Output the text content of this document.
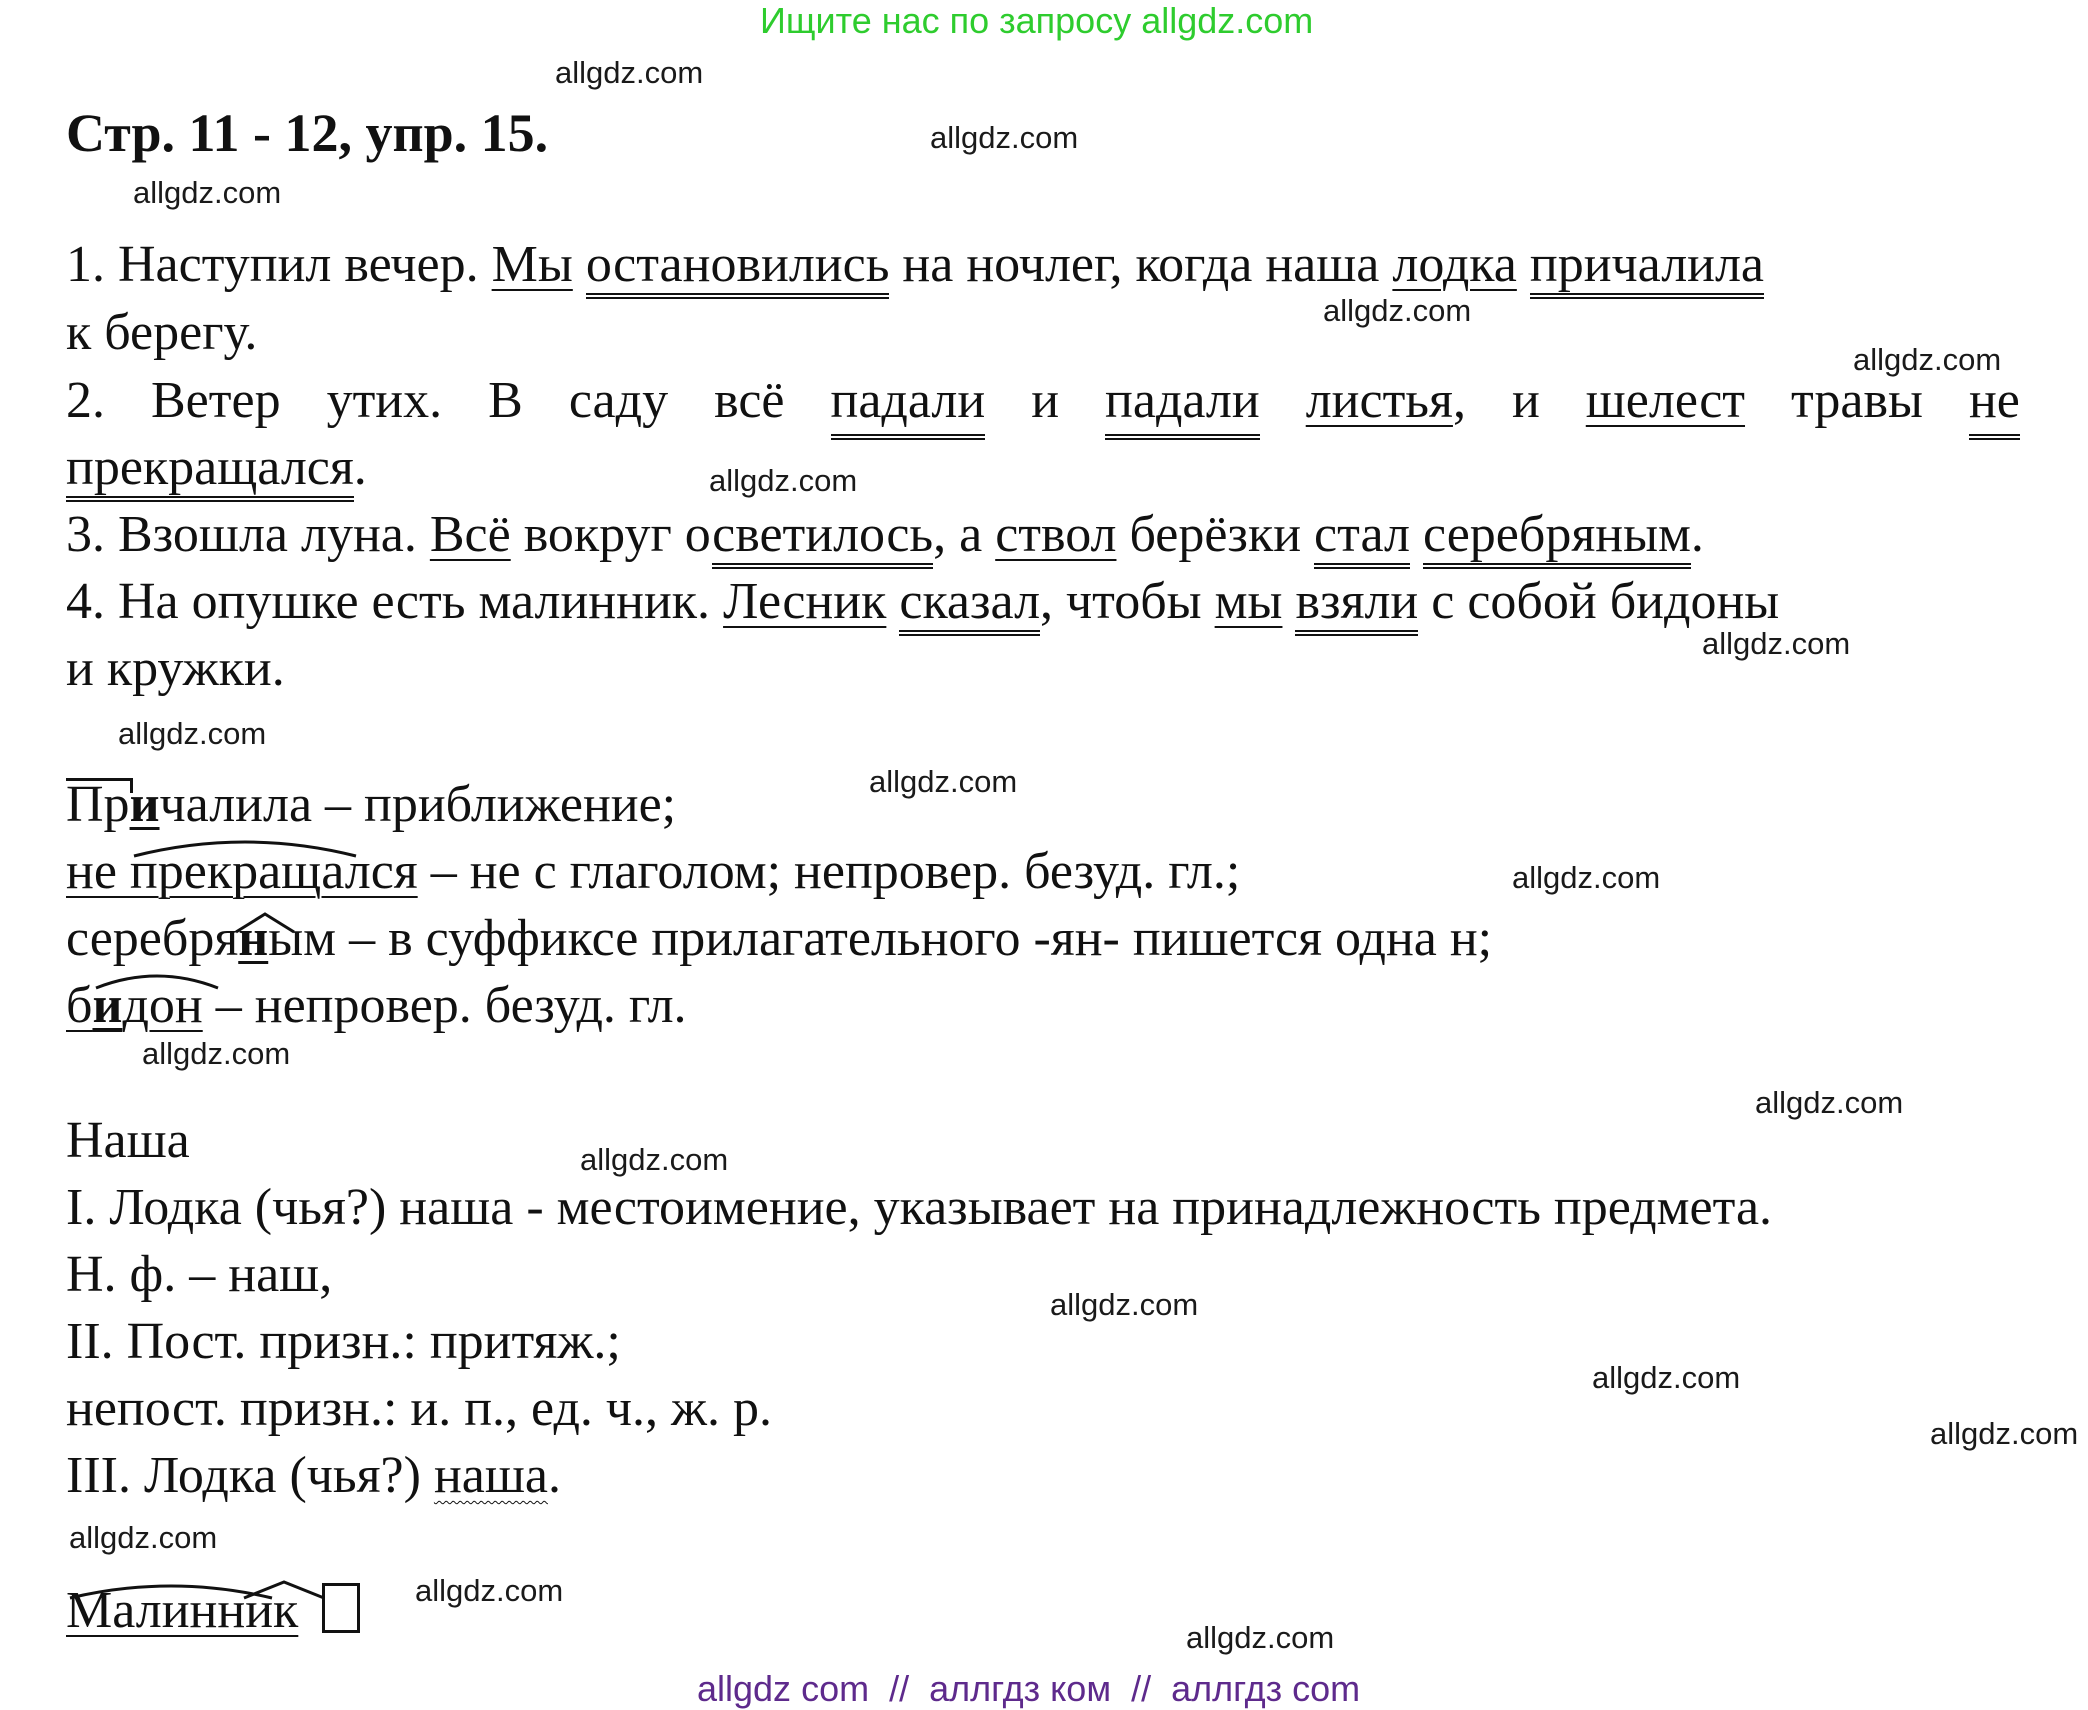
Ищите нас по запросу allgdz.com
Стр. 11 - 12, упр. 15.
1. Наступил вечер. Мы остановились на ночлег, когда наша лодка причалила
к берегу.
2. Ветер утих. В саду всё падали и падали листья, и шелест травы не
прекращался.
3. Взошла луна. Всё вокруг осветилось, а ствол берёзки стал серебряным.
4. На опушке есть малинник. Лесник сказал, чтобы мы взяли с собой бидоны
и кружки.
Пр
ичалила – приближение;
не прекращался – не с глаголом; непровер. безуд. гл.;
серебряным – в суффиксе прилагательного -ян- пишется одна н;
бидон – непровер. безуд. гл.
Наша
I. Лодка (чья?) наша - местоимение, указывает на принадлежность предмета.
Н. ф. – наш,
II. Пост. призн.: притяж.;
непост. призн.: и. п., ед. ч., ж. р.
III. Лодка (чья?) наша.
Малинник
allgdz.com
allgdz.com
allgdz.com
allgdz.com
allgdz.com
allgdz.com
allgdz.com
allgdz.com
allgdz.com
allgdz.com
allgdz.com
allgdz.com
allgdz.com
allgdz.com
allgdz.com
allgdz.com
allgdz.com
allgdz.com
allgdz.com
allgdz com  //  аллгдз ком  //  аллгдз com
